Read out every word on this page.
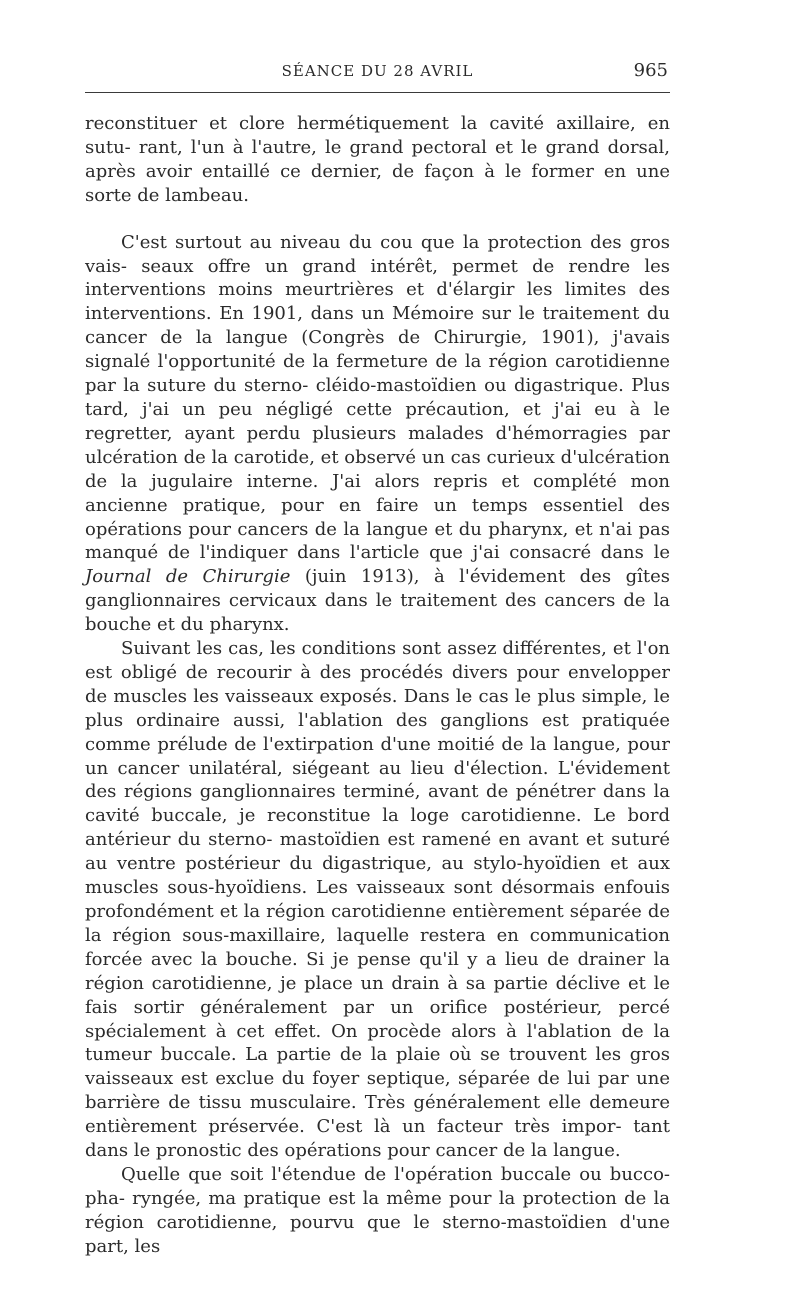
SÉANCE DU 28 AVRIL	965

reconstituer et clore hermétiquement la cavité axillaire, en sutu- rant, l'un à l'autre, le grand pectoral et le grand dorsal, après avoir entaillé ce dernier, de façon à le former en une sorte de lambeau.

C'est surtout au niveau du cou que la protection des gros vais- seaux offre un grand intérêt, permet de rendre les interventions moins meurtrières et d'élargir les limites des interventions. En 1901, dans un Mémoire sur le traitement du cancer de la langue (Congrès de Chirurgie, 1901), j'avais signalé l'opportunité de la fermeture de la région carotidienne par la suture du sterno- cléido-mastoïdien ou digastrique. Plus tard, j'ai un peu négligé cette précaution, et j'ai eu à le regretter, ayant perdu plusieurs malades d'hémorragies par ulcération de la carotide, et observé un cas curieux d'ulcération de la jugulaire interne. J'ai alors repris et complété mon ancienne pratique, pour en faire un temps essentiel des opérations pour cancers de la langue et du pharynx, et n'ai pas manqué de l'indiquer dans l'article que j'ai consacré dans le Journal de Chirurgie (juin 1913), à l'évidement des gîtes ganglionnaires cervicaux dans le traitement des cancers de la bouche et du pharynx.

Suivant les cas, les conditions sont assez différentes, et l'on est obligé de recourir à des procédés divers pour envelopper de muscles les vaisseaux exposés. Dans le cas le plus simple, le plus ordinaire aussi, l'ablation des ganglions est pratiquée comme prélude de l'extirpation d'une moitié de la langue, pour un cancer unilatéral, siégeant au lieu d'élection. L'évidement des régions ganglionnaires terminé, avant de pénétrer dans la cavité buccale, je reconstitue la loge carotidienne. Le bord antérieur du sterno- mastoïdien est ramené en avant et suturé au ventre postérieur du digastrique, au stylo-hyoïdien et aux muscles sous-hyoïdiens. Les vaisseaux sont désormais enfouis profondément et la région carotidienne entièrement séparée de la région sous-maxillaire, laquelle restera en communication forcée avec la bouche. Si je pense qu'il y a lieu de drainer la région carotidienne, je place un drain à sa partie déclive et le fais sortir généralement par un orifice postérieur, percé spécialement à cet effet. On procède alors à l'ablation de la tumeur buccale. La partie de la plaie où se trouvent les gros vaisseaux est exclue du foyer septique, séparée de lui par une barrière de tissu musculaire. Très généralement elle demeure entièrement préservée. C'est là un facteur très impor- tant dans le pronostic des opérations pour cancer de la langue.

Quelle que soit l'étendue de l'opération buccale ou bucco-pha- ryngée, ma pratique est la même pour la protection de la région carotidienne, pourvu que le sterno-mastoïdien d'une part, les
